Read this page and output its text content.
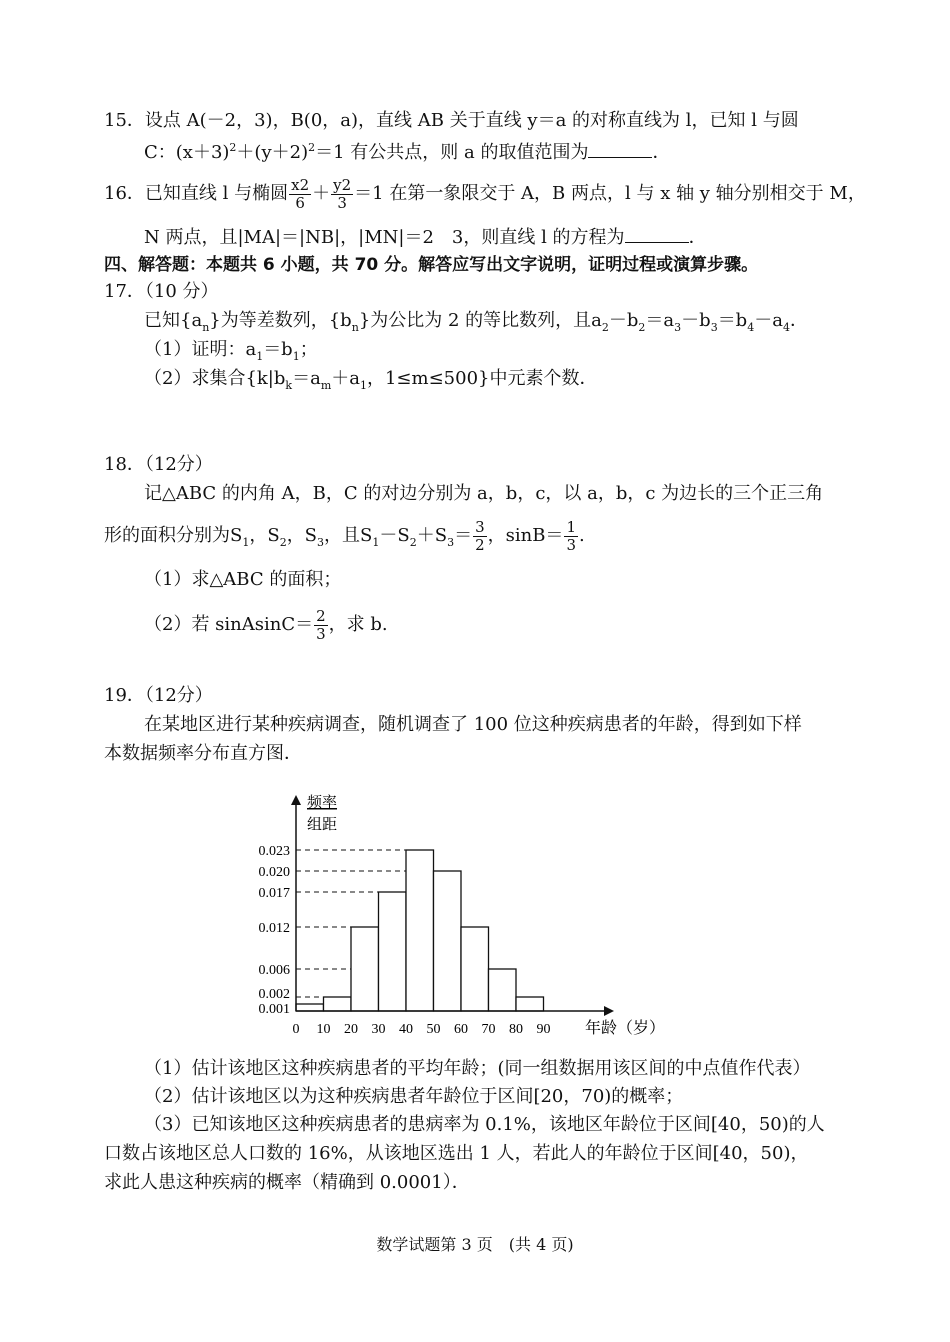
15．设点 A(－2，3)，B(0，a)，直线 AB 关于直线 y＝a 的对称直线为 l，已知 l 与圆
C：$(x+3)^2+(y+2)^2=1$ 有公共点，则 a 的取值范围为	．
16．已知直线 l 与椭圆 $\frac{x2}{6} + \frac{y2}{3} =1$ 在第一象限交于 A，B 两点，l 与 x 轴 y 轴分别相交于 M，
N 两点，且|MA|＝|NB|，|MN|＝2　3，则直线 l 的方程为	．
四、解答题：本题共 6 小题，共 70 分。解答应写出文字说明，证明过程或演算步骤。
17．（10 分）
已知$\{a_n\}$为等差数列，$\{b_n\}$为公比为 2 的等比数列，且$a_2-b_2=a_3-b_3=b_4-a_4$．
（1）证明：$a_1=b_1$；
（2）求集合{$k|b_k=a_m+a_1$，1≤m≤500}中元素个数．
18．（12分）
记△ABC 的内角 A，B，C 的对边分别为 a，b，c，以 a，b，c 为边长的三个正三角
形的面积分别为$S_1$，$S_2$，$S_3$，且$S_1-S_2+S_3= \frac{3}{2}$ ，$\sin B= \frac{1}{3}$ .
（1）求△ABC 的面积；
（2）若 sinAsinC＝ $\frac{2}{3}$ ，求 b.
19．（12分）
在某地区进行某种疾病调查，随机调查了 100 位这种疾病患者的年龄，得到如下样
本数据频率分布直方图．
频率
组距
年龄（岁）
0.023
0.020
0.017
0.012
0.006
0.002
0.001
0 10 20 30 40 50 60 70 80 90
（1）估计该地区这种疾病患者的平均年龄；(同一组数据用该区间的中点值作代表）
（2）估计该地区以为这种疾病患者年龄位于区间[20，70)的概率；
（3）已知该地区这种疾病患者的患病率为 0.1%，该地区年龄位于区间[40，50)的人
口数占该地区总人口数的 16%，从该地区选出 1 人，若此人的年龄位于区间[40，50)，
求此人患这种疾病的概率（精确到 0.0001）．
数学试题第 3 页　(共 4 页)
